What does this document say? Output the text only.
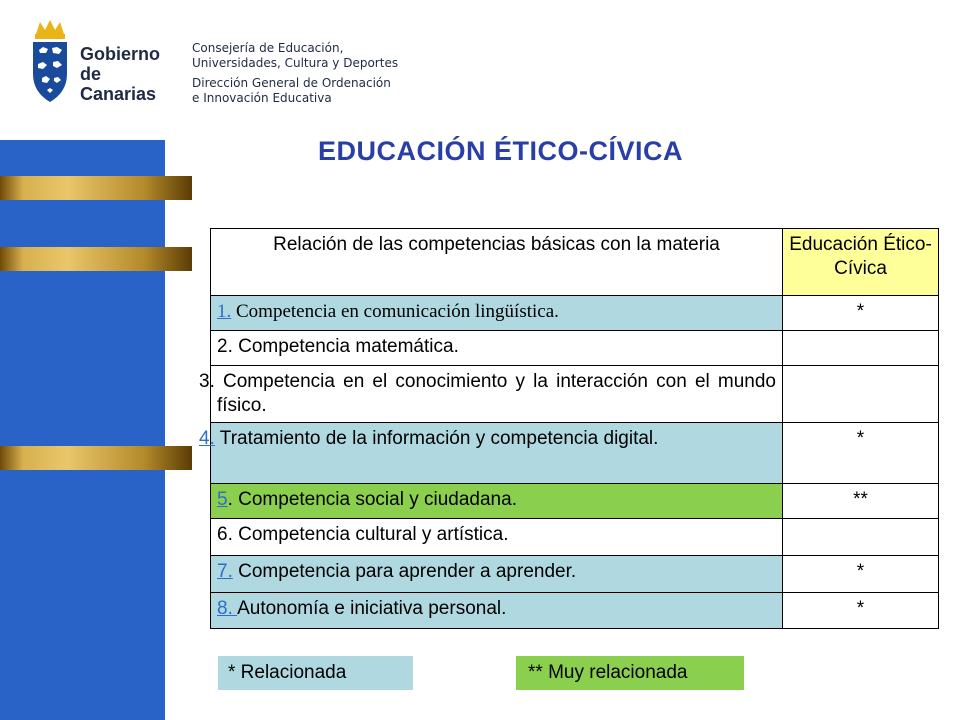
Gobierno
de Canarias
Consejería de Educación,
Universidades, Cultura y Deportes
Dirección General de Ordenación
e Innovación Educativa
EDUCACIÓN ÉTICO-CÍVICA
Relación de las competencias básicas con la materia	Educación Ético-Cívica
1. Competencia en comunicación lingüística.	*
2. Competencia matemática.	
3. Competencia en el conocimiento y la interacción con el mundo físico.	
4. Tratamiento de la información y competencia digital.	*
5. Competencia social y ciudadana.	**
6. Competencia cultural y artística.	
7. Competencia para aprender a aprender.	*
8. Autonomía e iniciativa personal.	*
* Relacionada	** Muy relacionada
